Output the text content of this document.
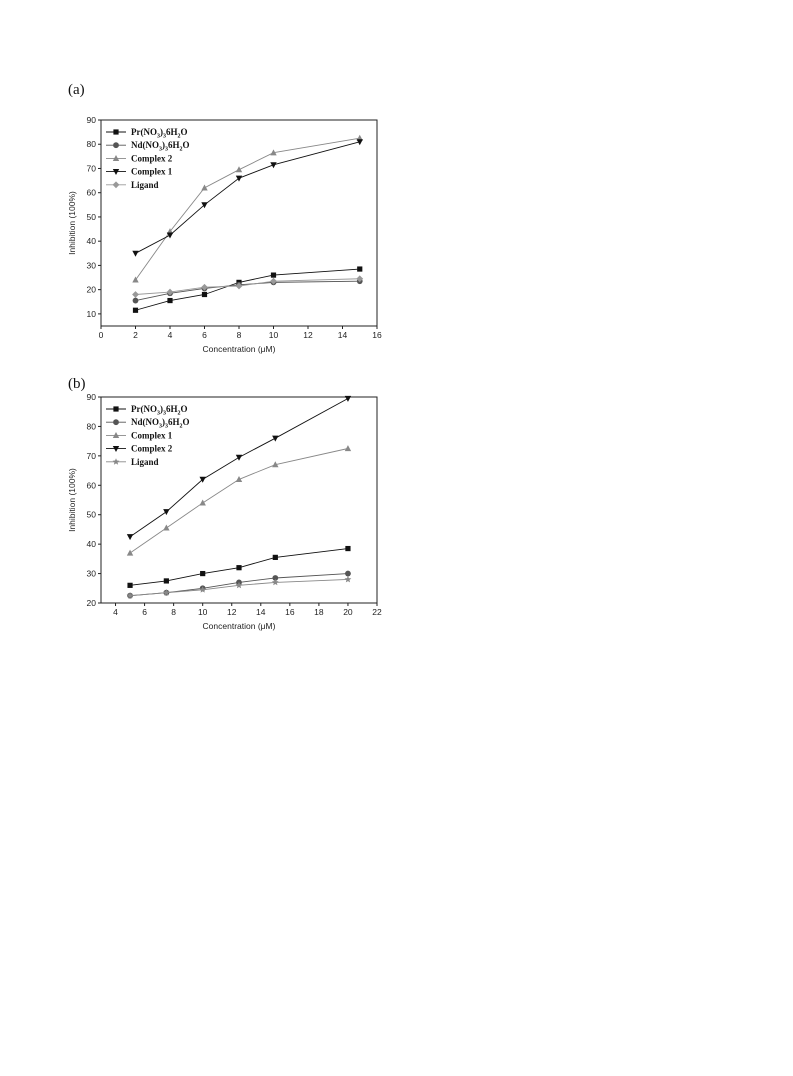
(a)
0	2	4	6	8	10	12	14	16
10
20
30
40
50
60
70
80
90
Concentration (μM)
Inhibition (100%)
$Pr(NO_3)_36H_2O$
$Nd(NO_3)_36H_2O$
Complex 2
Complex 1
Ligand
(b)
4	6	8	10 12 14 16 18 20 22
20
30
40
50
60
70
80
90
Concentration (μM)
Inhibition (100%)
$Pr(NO_3)_36H_2O$
$Nd(NO_3)_36H_2O$
Complex 1
Complex 2
Ligand
